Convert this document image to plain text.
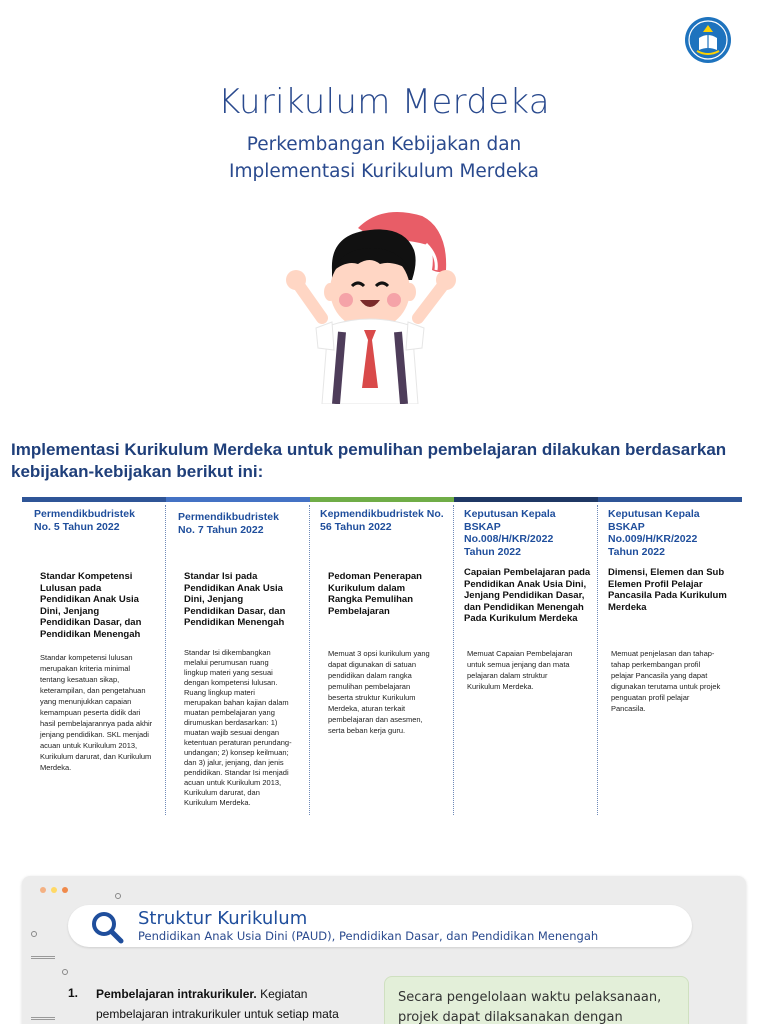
Kurikulum Merdeka
Perkembangan Kebijakan dan
Implementasi Kurikulum Merdeka
Implementasi Kurikulum Merdeka untuk pemulihan pembelajaran dilakukan berdasarkan
kebijakan-kebijakan berikut ini:
Permendikbudristek No. 5 Tahun 2022
Standar Kompetensi Lulusan pada Pendidikan Anak Usia Dini, Jenjang Pendidikan Dasar, dan Pendidikan Menengah
Standar kompetensi lulusan merupakan kriteria minimal tentang kesatuan sikap, keterampilan, dan pengetahuan yang menunjukkan capaian kemampuan peserta didik dari hasil pembelajarannya pada akhir jenjang pendidikan. SKL menjadi acuan untuk Kurikulum 2013, Kurikulum darurat, dan Kurikulum Merdeka.
Permendikbudristek No. 7 Tahun 2022
Standar Isi pada Pendidikan Anak Usia Dini, Jenjang Pendidikan Dasar, dan Pendidikan Menengah
Standar Isi dikembangkan melalui perumusan ruang lingkup materi yang sesuai dengan kompetensi lulusan. Ruang lingkup materi merupakan bahan kajian dalam muatan pembelajaran yang dirumuskan berdasarkan: 1) muatan wajib sesuai dengan ketentuan peraturan perundang-undangan; 2) konsep keilmuan; dan 3) jalur, jenjang, dan jenis pendidikan. Standar Isi menjadi acuan untuk Kurikulum 2013, Kurikulum darurat, dan Kurikulum Merdeka.
Kepmendikbudristek No. 56 Tahun 2022
Pedoman Penerapan Kurikulum dalam Rangka Pemulihan Pembelajaran
Memuat 3 opsi kurikulum yang dapat digunakan di satuan pendidikan dalam rangka pemulihan pembelajaran beserta struktur Kurikulum Merdeka, aturan terkait pembelajaran dan asesmen, serta beban kerja guru.
Keputusan Kepala BSKAP No.008/H/KR/2022 Tahun 2022
Capaian Pembelajaran pada Pendidikan Anak Usia Dini, Jenjang Pendidikan Dasar, dan Pendidikan Menengah Pada Kurikulum Merdeka
Memuat Capaian Pembelajaran untuk semua jenjang dan mata pelajaran dalam struktur Kurikulum Merdeka.
Keputusan Kepala BSKAP No.009/H/KR/2022 Tahun 2022
Dimensi, Elemen dan Sub Elemen Profil Pelajar Pancasila Pada Kurikulum Merdeka
Memuat penjelasan dan tahap-tahap perkembangan profil pelajar Pancasila yang dapat digunakan terutama untuk projek penguatan profil pelajar Pancasila.
Struktur Kurikulum
Pendidikan Anak Usia Dini (PAUD), Pendidikan Dasar, dan Pendidikan Menengah
1. Pembelajaran intrakurikuler. Kegiatan pembelajaran intrakurikuler untuk setiap mata
Secara pengelolaan waktu pelaksanaan,
projek dapat dilaksanakan dengan
